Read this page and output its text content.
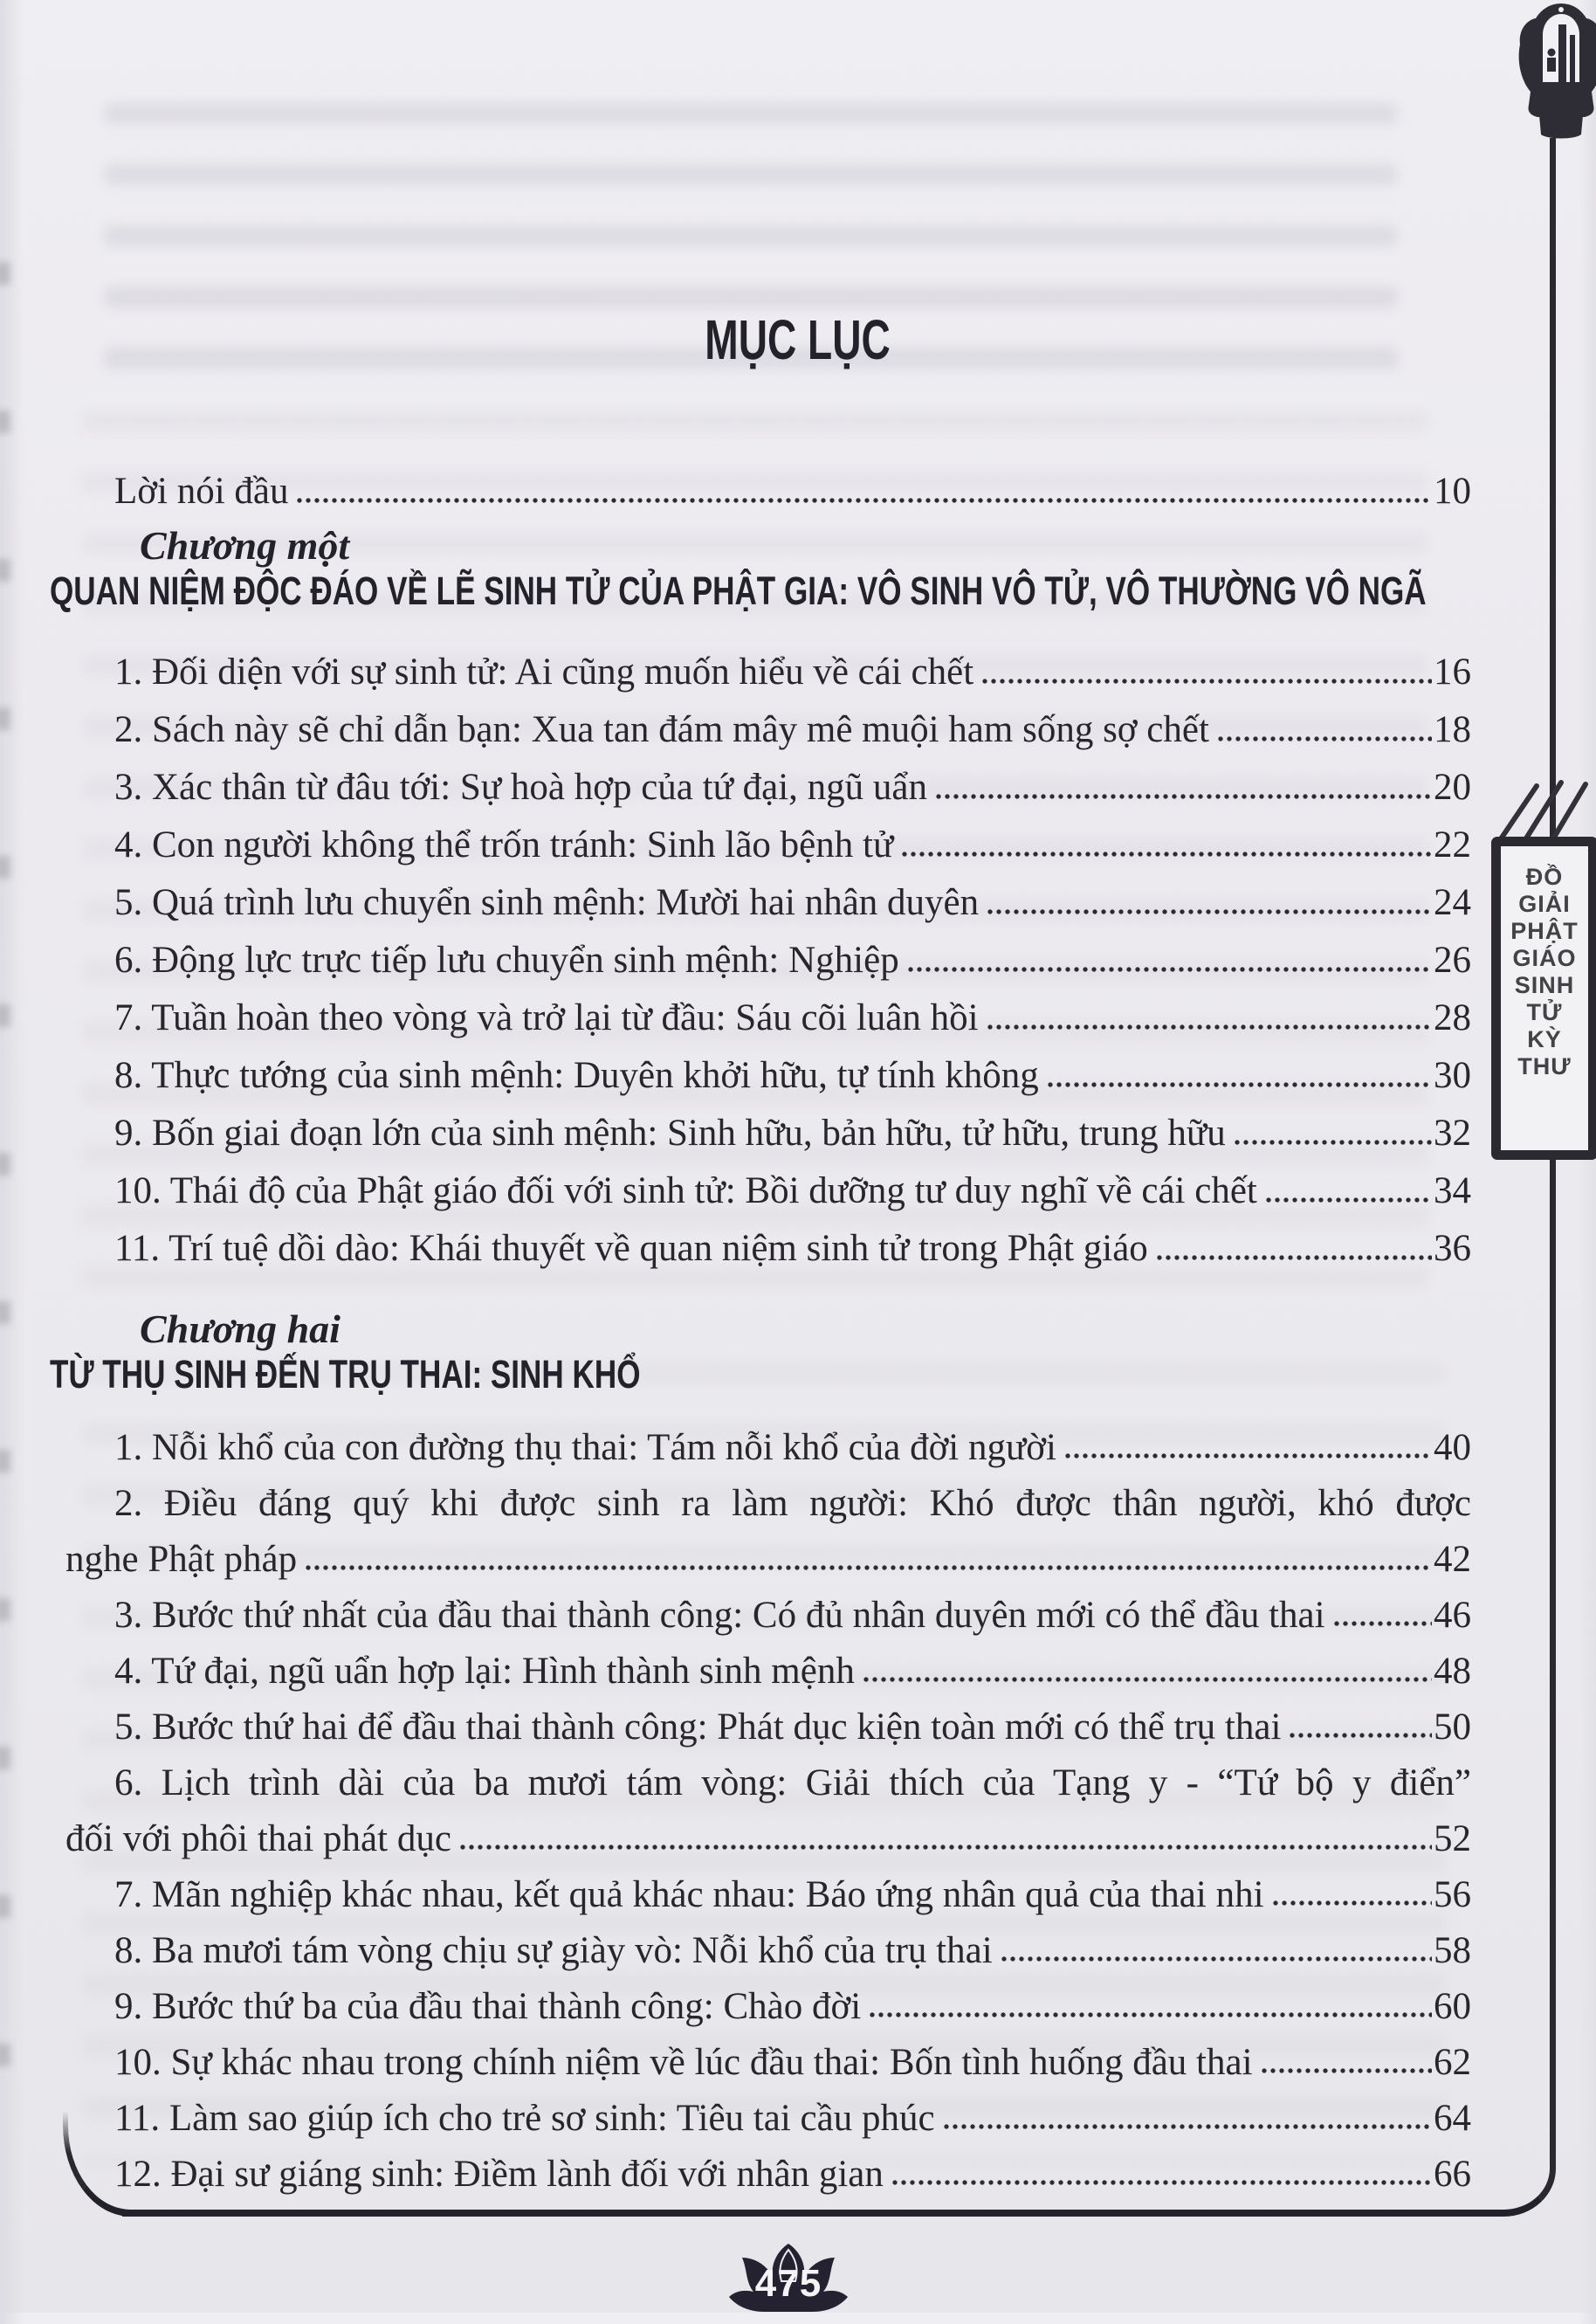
ĐỒ
GIẢI
PHẬT
GIÁO
SINH
TỬ
KỲ
THƯ
MỤC LỤC
Lời nói đầu	10
Chương một
QUAN NIỆM ĐỘC ĐÁO VỀ LẼ SINH TỬ CỦA PHẬT GIA: VÔ SINH VÔ TỬ, VÔ THƯỜNG VÔ NGÃ
1. Đối diện với sự sinh tử: Ai cũng muốn hiểu về cái chết	16
2. Sách này sẽ chỉ dẫn bạn: Xua tan đám mây mê muội ham sống sợ chết	18
3. Xác thân từ đâu tới: Sự hoà hợp của tứ đại, ngũ uẩn	20
4. Con người không thể trốn tránh: Sinh lão bệnh tử	22
5. Quá trình lưu chuyển sinh mệnh: Mười hai nhân duyên	24
6. Động lực trực tiếp lưu chuyển sinh mệnh: Nghiệp	26
7. Tuần hoàn theo vòng và trở lại từ đầu: Sáu cõi luân hồi	28
8. Thực tướng của sinh mệnh: Duyên khởi hữu, tự tính không	30
9. Bốn giai đoạn lớn của sinh mệnh: Sinh hữu, bản hữu, tử hữu, trung hữu	32
10. Thái độ của Phật giáo đối với sinh tử: Bồi dưỡng tư duy nghĩ về cái chết	34
11. Trí tuệ dồi dào: Khái thuyết về quan niệm sinh tử trong Phật giáo	36
Chương hai
TỪ THỤ SINH ĐẾN TRỤ THAI: SINH KHỔ
1. Nỗi khổ của con đường thụ thai: Tám nỗi khổ của đời người	40
2. Điều đáng quý khi được sinh ra làm người: Khó được thân người, khó được
nghe Phật pháp	42
3. Bước thứ nhất của đầu thai thành công: Có đủ nhân duyên mới có thể đầu thai	46
4. Tứ đại, ngũ uẩn hợp lại: Hình thành sinh mệnh	48
5. Bước thứ hai để đầu thai thành công: Phát dục kiện toàn mới có thể trụ thai	50
6. Lịch trình dài của ba mươi tám vòng: Giải thích của Tạng y - “Tứ bộ y điển”
đối với phôi thai phát dục	52
7. Mãn nghiệp khác nhau, kết quả khác nhau: Báo ứng nhân quả của thai nhi	56
8. Ba mươi tám vòng chịu sự giày vò: Nỗi khổ của trụ thai	58
9. Bước thứ ba của đầu thai thành công: Chào đời	60
10. Sự khác nhau trong chính niệm về lúc đầu thai: Bốn tình huống đầu thai	62
11. Làm sao giúp ích cho trẻ sơ sinh: Tiêu tai cầu phúc	64
12. Đại sư giáng sinh: Điềm lành đối với nhân gian	66
475
